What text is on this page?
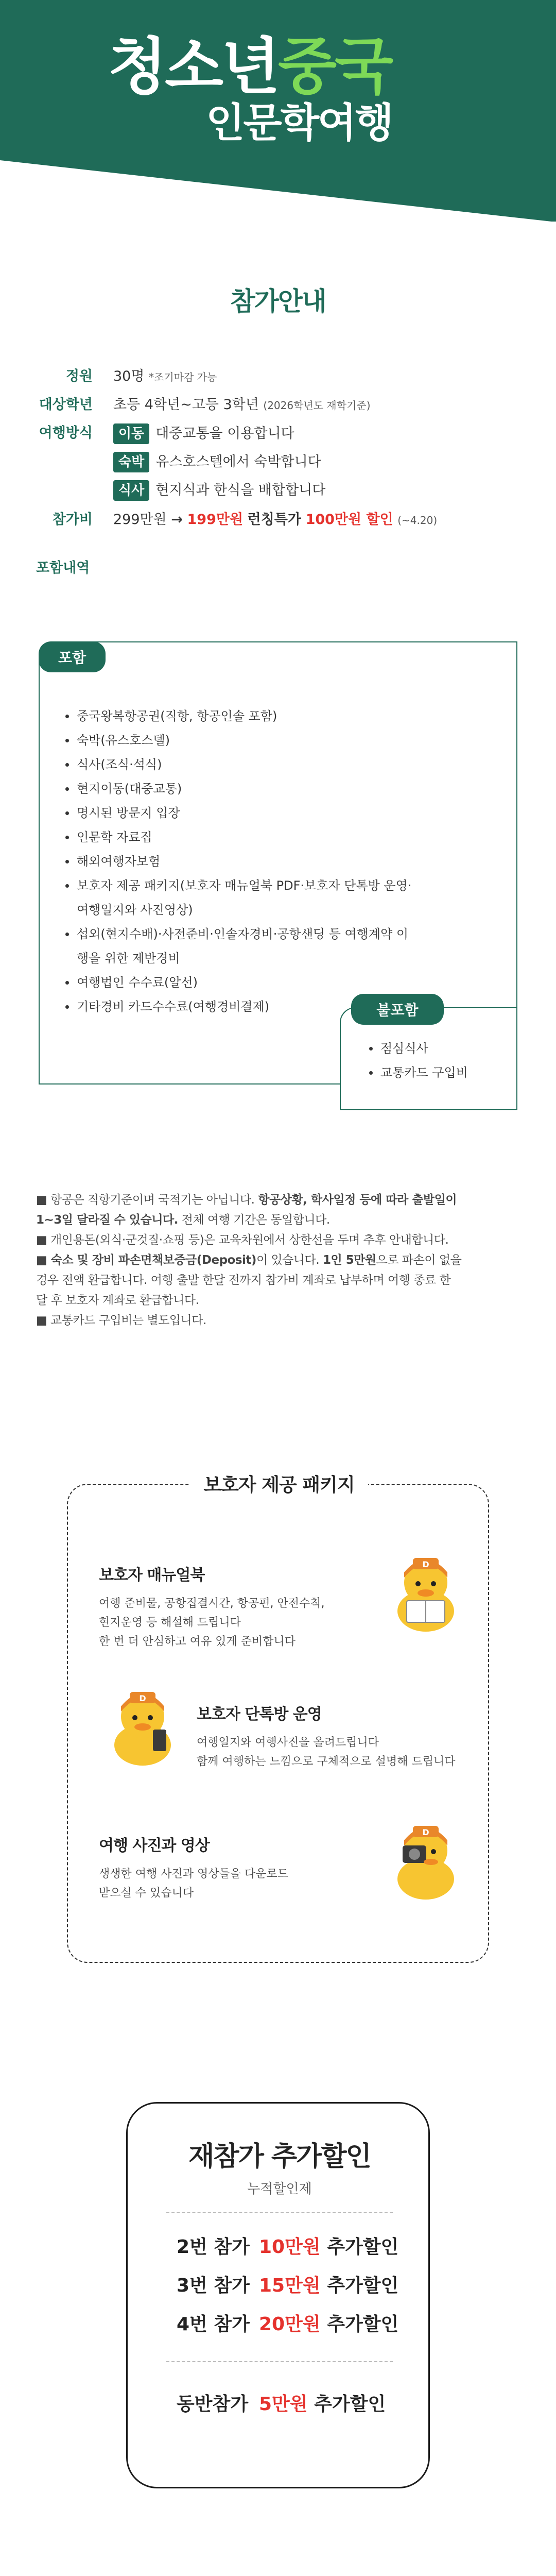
청소년중국
인문학여행
참가안내
정원 30명 *조기마감 가능
대상학년 초등 4학년~고등 3학년 (2026학년도 재학기준)
여행방식	이동 대중교통을 이용합니다
숙박 유스호스텔에서 숙박합니다
식사 현지식과 한식을 배합합니다
참가비 299만원 → 199만원 런칭특가 100만원 할인 (~4.20)
포함내역
포함
중국왕복항공권(직항, 항공인솔 포함)
숙박(유스호스텔)
식사(조식·석식)
현지이동(대중교통)
명시된 방문지 입장
인문학 자료집
해외여행자보험
보호자 제공 패키지(보호자 매뉴얼북 PDF·보호자 단톡방 운영·
여행일지와 사진영상)
섭외(현지수배)·사전준비·인솔자경비·공항샌딩 등 여행계약 이
행을 위한 제반경비
여행법인 수수료(알선)
기타경비 카드수수료(여행경비결제)	불포함
점심식사
교통카드 구입비

■ 항공은 직항기준이며 국적기는 아닙니다. 항공상황, 학사일정 등에 따라 출발일이

1~3일 달라질 수 있습니다. 전체 여행 기간은 동일합니다.

■ 개인용돈(외식·군것질·쇼핑 등)은 교육차원에서 상한선을 두며 추후 안내합니다.

■ 숙소 및 장비 파손면책보증금(Deposit)이 있습니다. 1인 5만원으로 파손이 없을

경우 전액 환급합니다. 여행 출발 한달 전까지 참가비 계좌로 납부하며 여행 종료 한

달 후 보호자 계좌로 환급합니다.

■ 교통카드 구입비는 별도입니다.

보호자 제공 패키지
보호자 매뉴얼북

여행 준비물, 공항집결시간, 항공편, 안전수칙,

현지운영 등 해설해 드립니다

한 번 더 안심하고 여유 있게 준비합니다

D
D
보호자 단톡방 운영

여행일지와 여행사진을 올려드립니다

함께 여행하는 느낌으로 구체적으로 설명해 드립니다

여행 사진과 영상

생생한 여행 사진과 영상들을 다운로드

받으실 수 있습니다

D
재참가 추가할인
누적할인제
2번 참가 10만원 추가할인
3번 참가 15만원 추가할인
4번 참가 20만원 추가할인
동반참가 5만원 추가할인
